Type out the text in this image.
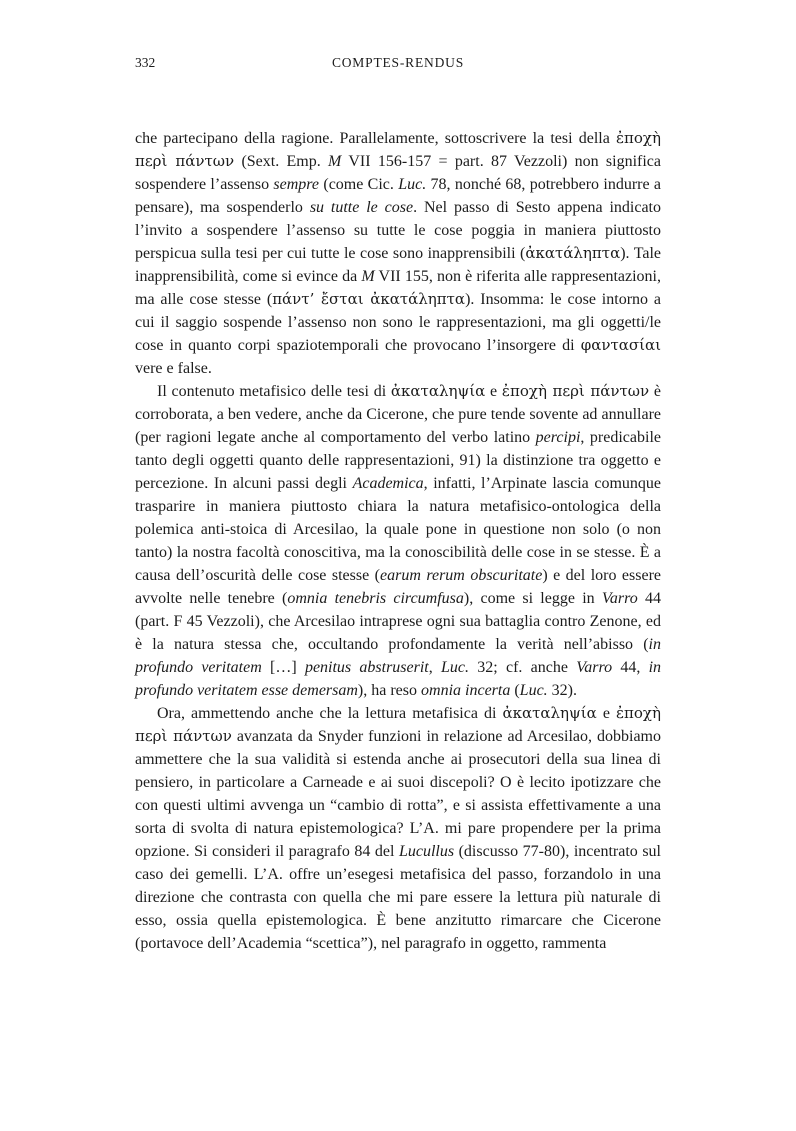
332	COMPTES-RENDUS

che partecipano della ragione. Parallelamente, sottoscrivere la tesi della ἐποχὴ περὶ πάντων (Sext. Emp. M VII 156-157 = part. 87 Vezzoli) non significa sospendere l’assenso sempre (come Cic. Luc. 78, nonché 68, potrebbero indurre a pensare), ma sospenderlo su tutte le cose. Nel passo di Sesto appena indicato l’invito a sospendere l’assenso su tutte le cose poggia in maniera piuttosto perspicua sulla tesi per cui tutte le cose sono inapprensibili (ἀκατάληπτα). Tale inapprensibilità, come si evince da M VII 155, non è riferita alle rappresentazioni, ma alle cose stesse (πάντ’ ἔσται ἀκατάληπτα). Insomma: le cose intorno a cui il saggio sospende l’assenso non sono le rappresentazioni, ma gli oggetti/le cose in quanto corpi spaziotemporali che provocano l’insorgere di φαντασίαι vere e false.

Il contenuto metafisico delle tesi di ἀκαταληψία e ἐποχὴ περὶ πάντων è corroborata, a ben vedere, anche da Cicerone, che pure tende sovente ad annullare (per ragioni legate anche al comportamento del verbo latino percipi, predicabile tanto degli oggetti quanto delle rappresentazioni, 91) la distinzione tra oggetto e percezione. In alcuni passi degli Academica, infatti, l’Arpinate lascia comunque trasparire in maniera piuttosto chiara la natura metafisico-ontologica della polemica anti-stoica di Arcesilao, la quale pone in questione non solo (o non tanto) la nostra facoltà conoscitiva, ma la conoscibilità delle cose in se stesse. È a causa dell’oscurità delle cose stesse (earum rerum obscuritate) e del loro essere avvolte nelle tenebre (omnia tenebris circumfusa), come si legge in Varro 44 (part. F 45 Vezzoli), che Arcesilao intraprese ogni sua battaglia contro Zenone, ed è la natura stessa che, occultando profondamente la verità nell’abisso (in profundo veritatem […] penitus abstruserit, Luc. 32; cf. anche Varro 44, in profundo veritatem esse demersam), ha reso omnia incerta (Luc. 32).

Ora, ammettendo anche che la lettura metafisica di ἀκαταληψία e ἐποχὴ περὶ πάντων avanzata da Snyder funzioni in relazione ad Arcesilao, dobbiamo ammettere che la sua validità si estenda anche ai prosecutori della sua linea di pensiero, in particolare a Carneade e ai suoi discepoli? O è lecito ipotizzare che con questi ultimi avvenga un “cambio di rotta”, e si assista effettivamente a una sorta di svolta di natura epistemologica? L’A. mi pare propendere per la prima opzione. Si consideri il paragrafo 84 del Lucullus (discusso 77-80), incentrato sul caso dei gemelli. L’A. offre un’esegesi metafisica del passo, forzandolo in una direzione che contrasta con quella che mi pare essere la lettura più naturale di esso, ossia quella epistemologica. È bene anzitutto rimarcare che Cicerone (portavoce dell’Academia “scettica”), nel paragrafo in oggetto, rammenta
